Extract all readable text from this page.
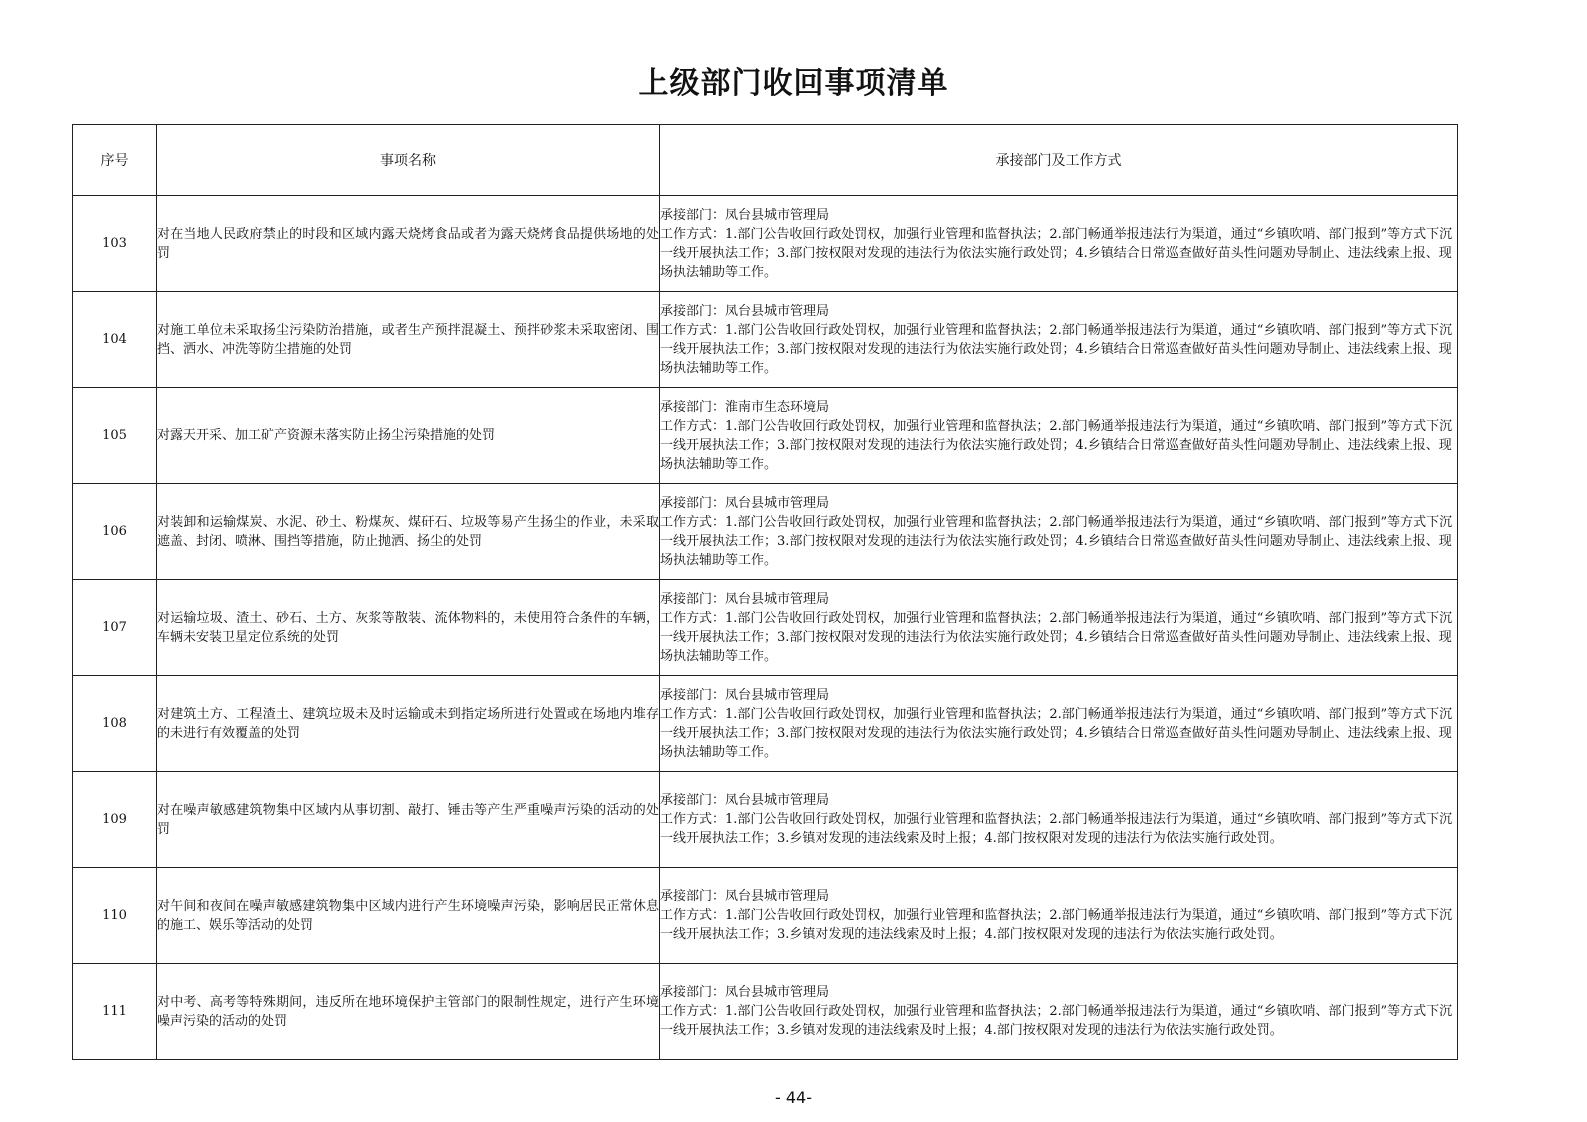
上级部门收回事项清单
序号	事项名称	承接部门及工作方式
103	对在当地人民政府禁止的时段和区域内露天烧烤食品或者为露天烧烤食品提供场地的处罚	承接部门：凤台县城市管理局
工作方式：1.部门公告收回行政处罚权，加强行业管理和监督执法；2.部门畅通举报违法行为渠道，通过“乡镇吹哨、部门报到”等方式下沉一线开展执法工作；3.部门按权限对发现的违法行为依法实施行政处罚；4.乡镇结合日常巡查做好苗头性问题劝导制止、违法线索上报、现场执法辅助等工作。

104	对施工单位未采取扬尘污染防治措施，或者生产预拌混凝土、预拌砂浆未采取密闭、围挡、洒水、冲洗等防尘措施的处罚	承接部门：凤台县城市管理局
工作方式：1.部门公告收回行政处罚权，加强行业管理和监督执法；2.部门畅通举报违法行为渠道，通过“乡镇吹哨、部门报到”等方式下沉一线开展执法工作；3.部门按权限对发现的违法行为依法实施行政处罚；4.乡镇结合日常巡查做好苗头性问题劝导制止、违法线索上报、现场执法辅助等工作。

105	对露天开采、加工矿产资源未落实防止扬尘污染措施的处罚	承接部门：淮南市生态环境局
工作方式：1.部门公告收回行政处罚权，加强行业管理和监督执法；2.部门畅通举报违法行为渠道，通过“乡镇吹哨、部门报到”等方式下沉一线开展执法工作；3.部门按权限对发现的违法行为依法实施行政处罚；4.乡镇结合日常巡查做好苗头性问题劝导制止、违法线索上报、现场执法辅助等工作。

106	对装卸和运输煤炭、水泥、砂土、粉煤灰、煤矸石、垃圾等易产生扬尘的作业，未采取遮盖、封闭、喷淋、围挡等措施，防止抛洒、扬尘的处罚	承接部门：凤台县城市管理局
工作方式：1.部门公告收回行政处罚权，加强行业管理和监督执法；2.部门畅通举报违法行为渠道，通过“乡镇吹哨、部门报到”等方式下沉一线开展执法工作；3.部门按权限对发现的违法行为依法实施行政处罚；4.乡镇结合日常巡查做好苗头性问题劝导制止、违法线索上报、现场执法辅助等工作。

107	对运输垃圾、渣土、砂石、土方、灰浆等散装、流体物料的，未使用符合条件的车辆，车辆未安装卫星定位系统的处罚	承接部门：凤台县城市管理局
工作方式：1.部门公告收回行政处罚权，加强行业管理和监督执法；2.部门畅通举报违法行为渠道，通过“乡镇吹哨、部门报到”等方式下沉一线开展执法工作；3.部门按权限对发现的违法行为依法实施行政处罚；4.乡镇结合日常巡查做好苗头性问题劝导制止、违法线索上报、现场执法辅助等工作。

108	对建筑土方、工程渣土、建筑垃圾未及时运输或未到指定场所进行处置或在场地内堆存的未进行有效覆盖的处罚	承接部门：凤台县城市管理局
工作方式：1.部门公告收回行政处罚权，加强行业管理和监督执法；2.部门畅通举报违法行为渠道，通过“乡镇吹哨、部门报到”等方式下沉一线开展执法工作；3.部门按权限对发现的违法行为依法实施行政处罚；4.乡镇结合日常巡查做好苗头性问题劝导制止、违法线索上报、现场执法辅助等工作。

109	对在噪声敏感建筑物集中区域内从事切割、敲打、锤击等产生严重噪声污染的活动的处罚	承接部门：凤台县城市管理局
工作方式：1.部门公告收回行政处罚权，加强行业管理和监督执法；2.部门畅通举报违法行为渠道，通过“乡镇吹哨、部门报到”等方式下沉一线开展执法工作；3.乡镇对发现的违法线索及时上报；4.部门按权限对发现的违法行为依法实施行政处罚。

110	对午间和夜间在噪声敏感建筑物集中区域内进行产生环境噪声污染，影响居民正常休息的施工、娱乐等活动的处罚	承接部门：凤台县城市管理局
工作方式：1.部门公告收回行政处罚权，加强行业管理和监督执法；2.部门畅通举报违法行为渠道，通过“乡镇吹哨、部门报到”等方式下沉一线开展执法工作；3.乡镇对发现的违法线索及时上报；4.部门按权限对发现的违法行为依法实施行政处罚。

111	对中考、高考等特殊期间，违反所在地环境保护主管部门的限制性规定，进行产生环境噪声污染的活动的处罚	承接部门：凤台县城市管理局
工作方式：1.部门公告收回行政处罚权，加强行业管理和监督执法；2.部门畅通举报违法行为渠道，通过“乡镇吹哨、部门报到”等方式下沉一线开展执法工作；3.乡镇对发现的违法线索及时上报；4.部门按权限对发现的违法行为依法实施行政处罚。
- 44-
